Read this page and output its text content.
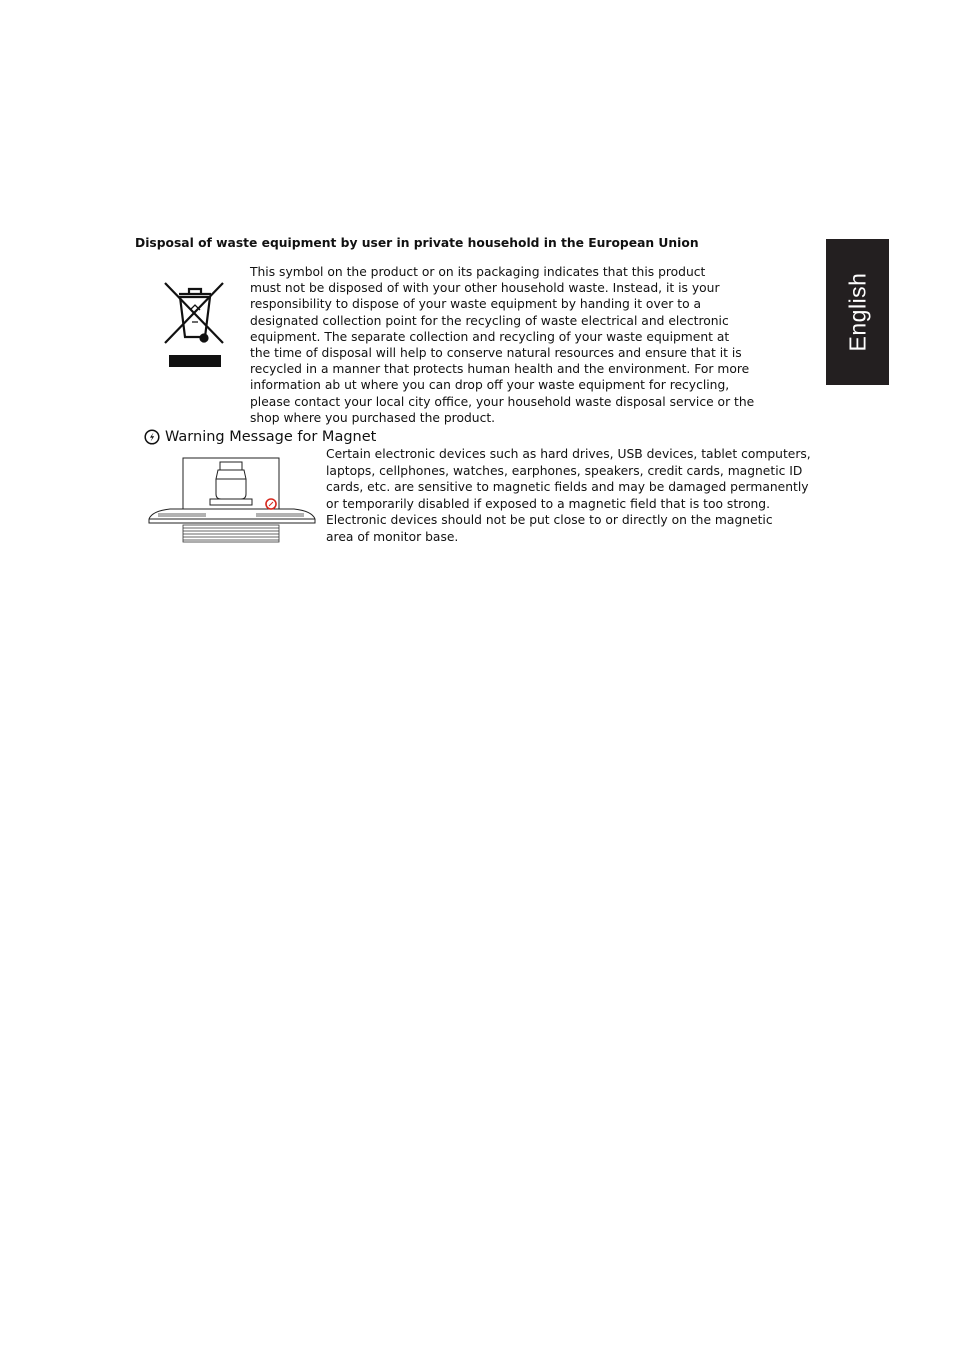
English
Disposal of waste equipment by user in private household in the European Union
This symbol on the product or on its packaging indicates that this product
must not be disposed of with your other household waste. Instead, it is your
responsibility to dispose of your waste equipment by handing it over to a
designated collection point for the recycling of waste electrical and electronic
equipment. The separate collection and recycling of your waste equipment at
the time of disposal will help to conserve natural resources and ensure that it is
recycled in a manner that protects human health and the environment. For more
information ab ut where you can drop off your waste equipment for recycling,
please contact your local city office, your household waste disposal service or the
shop where you purchased the product.
Warning Message for Magnet
Certain electronic devices such as hard drives, USB devices, tablet computers,
laptops, cellphones, watches, earphones, speakers, credit cards, magnetic ID
cards, etc. are sensitive to magnetic fields and may be damaged permanently
or temporarily disabled if exposed to a magnetic field that is too strong.
Electronic devices should not be put close to or directly on the magnetic
area of monitor base.
